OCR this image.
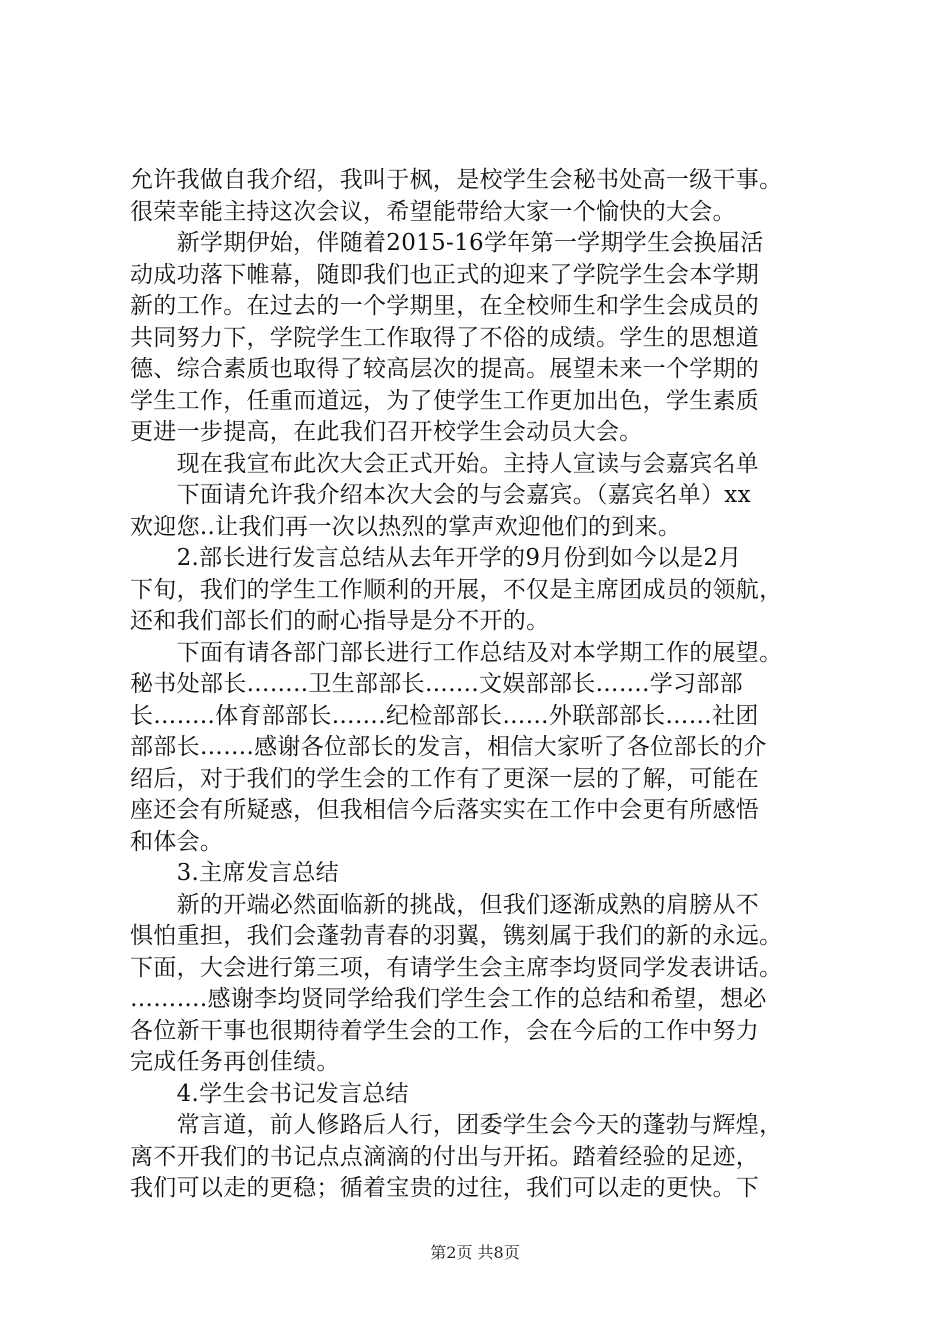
允许我做自我介绍，我叫于枫，是校学生会秘书处高一级干事。
很荣幸能主持这次会议，希望能带给大家一个愉快的大会。
　　新学期伊始，伴随着2015-16学年第一学期学生会换届活
动成功落下帷幕，随即我们也正式的迎来了学院学生会本学期
新的工作。在过去的一个学期里，在全校师生和学生会成员的
共同努力下，学院学生工作取得了不俗的成绩。学生的思想道
德、综合素质也取得了较高层次的提高。展望未来一个学期的
学生工作，任重而道远，为了使学生工作更加出色，学生素质
更进一步提高，在此我们召开校学生会动员大会。
　　现在我宣布此次大会正式开始。主持人宣读与会嘉宾名单
　　下面请允许我介绍本次大会的与会嘉宾。（嘉宾名单）xx
欢迎您..让我们再一次以热烈的掌声欢迎他们的到来。
　　2.部长进行发言总结从去年开学的9月份到如今以是2月
下旬，我们的学生工作顺利的开展，不仅是主席团成员的领航，
还和我们部长们的耐心指导是分不开的。
　　下面有请各部门部长进行工作总结及对本学期工作的展望。
秘书处部长……..卫生部部长…….文娱部部长…….学习部部
长……..体育部部长…….纪检部部长……外联部部长……社团
部部长…….感谢各位部长的发言，相信大家听了各位部长的介
绍后，对于我们的学生会的工作有了更深一层的了解，可能在
座还会有所疑惑，但我相信今后落实实在工作中会更有所感悟
和体会。
　　3.主席发言总结
　　新的开端必然面临新的挑战，但我们逐渐成熟的肩膀从不
惧怕重担，我们会蓬勃青春的羽翼，镌刻属于我们的新的永远。
下面，大会进行第三项，有请学生会主席李均贤同学发表讲话。
……….感谢李均贤同学给我们学生会工作的总结和希望，想必
各位新干事也很期待着学生会的工作，会在今后的工作中努力
完成任务再创佳绩。
　　4.学生会书记发言总结
　　常言道，前人修路后人行，团委学生会今天的蓬勃与辉煌，
离不开我们的书记点点滴滴的付出与开拓。踏着经验的足迹，
我们可以走的更稳；循着宝贵的过往，我们可以走的更快。下
第2页 共8页
